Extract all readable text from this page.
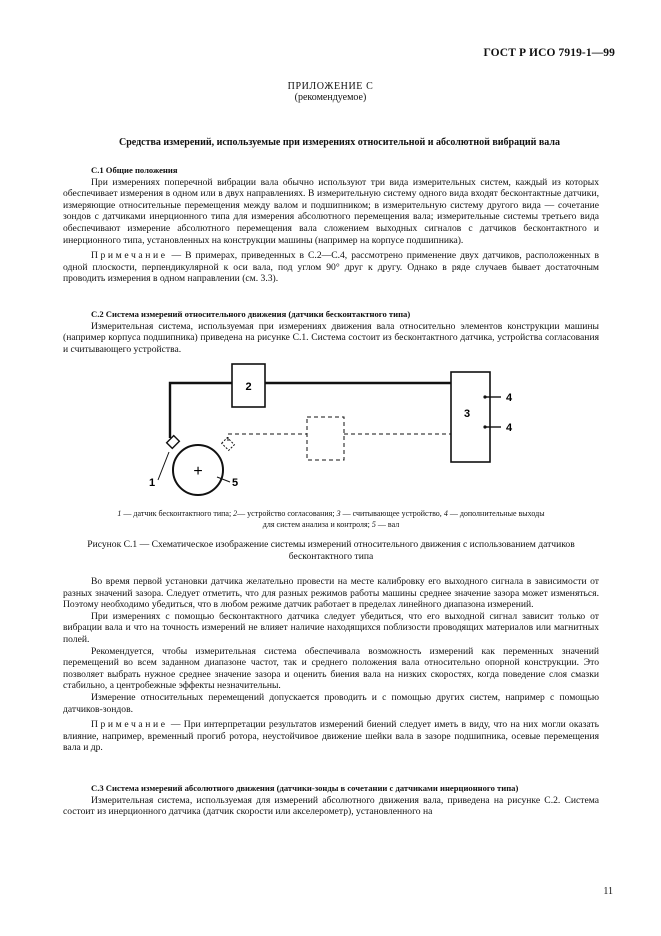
ГОСТ Р ИСО 7919-1—99
ПРИЛОЖЕНИЕ С
(рекомендуемое)
Средства измерений, используемые при измерениях относительной и абсолютной вибраций вала

С.1 Общие положения

При измерениях поперечной вибрации вала обычно используют три вида измерительных систем, каждый из которых обеспечивает измерения в одном или в двух направлениях. В измерительную систему одного вида входят бесконтактные датчики, измеряющие относительные перемещения между валом и подшипником; в измерительную систему другого вида — сочетание зондов с датчиками инерционного типа для измерения абсолютного перемещения вала; измерительные системы третьего вида обеспечивают измерение абсолютного перемещения вала сложением выходных сигналов с датчиков бесконтактного и инерционного типа, установленных на конструкции машины (например на корпусе подшипника).

Примечание — В примерах, приведенных в С.2—С.4, рассмотрено применение двух датчиков, расположенных в одной плоскости, перпендикулярной к оси вала, под углом 90° друг к другу. Однако в ряде случаев бывает достаточным проводить измерения в одном направлении (см. 3.3).

С.2 Система измерений относительного движения (датчики бесконтактного типа)

Измерительная система, используемая при измерениях движения вала относительно элементов конструкции машины (например корпуса подшипника) приведена на рисунке С.1. Система состоит из бесконтактного датчика, устройства согласования и считывающего устройства.

2
3
4
4
+
1	5
1 — датчик бесконтактного типа; 2— устройство согласования; 3 — считывающее устройство, 4 — дополнительные выходы
для систем анализа и контроля; 5 — вал
Рисунок С.1 — Схематическое изображение системы измерений относительного движения с использованием датчиков бесконтактного типа

Во время первой установки датчика желательно провести на месте калибровку его выходного сигнала в зависимости от разных значений зазора. Следует отметить, что для разных режимов работы машины среднее значение зазора может изменяться. Поэтому необходимо убедиться, что в любом режиме датчик работает в пределах линейного диапазона измерений.

При измерениях с помощью бесконтактного датчика следует убедиться, что его выходной сигнал зависит только от вибрации вала и что на точность измерений не влияет наличие находящихся поблизости проводящих материалов или магнитных полей.

Рекомендуется, чтобы измерительная система обеспечивала возможность измерений как переменных значений перемещений во всем заданном диапазоне частот, так и среднего положения вала относительно опорной конструкции. Это позволяет выбрать нужное среднее значение зазора и оценить биения вала на низких скоростях, когда поведение слоя смазки стабильно, а центробежные эффекты незначительны.

Измерение относительных перемещений допускается проводить и с помощью других систем, например с помощью датчиков-зондов.

Примечание — При интерпретации результатов измерений биений следует иметь в виду, что на них могли оказать влияние, например, временный прогиб ротора, неустойчивое движение шейки вала в зазоре подшипника, осевые перемещения вала и др.

С.3 Система измерений абсолютного движения (датчики-зонды в сочетании с датчиками инерционного типа)

Измерительная система, используемая для измерений абсолютного движения вала, приведена на рисунке С.2. Система состоит из инерционного датчика (датчик скорости или акселерометр), установленного на

11
